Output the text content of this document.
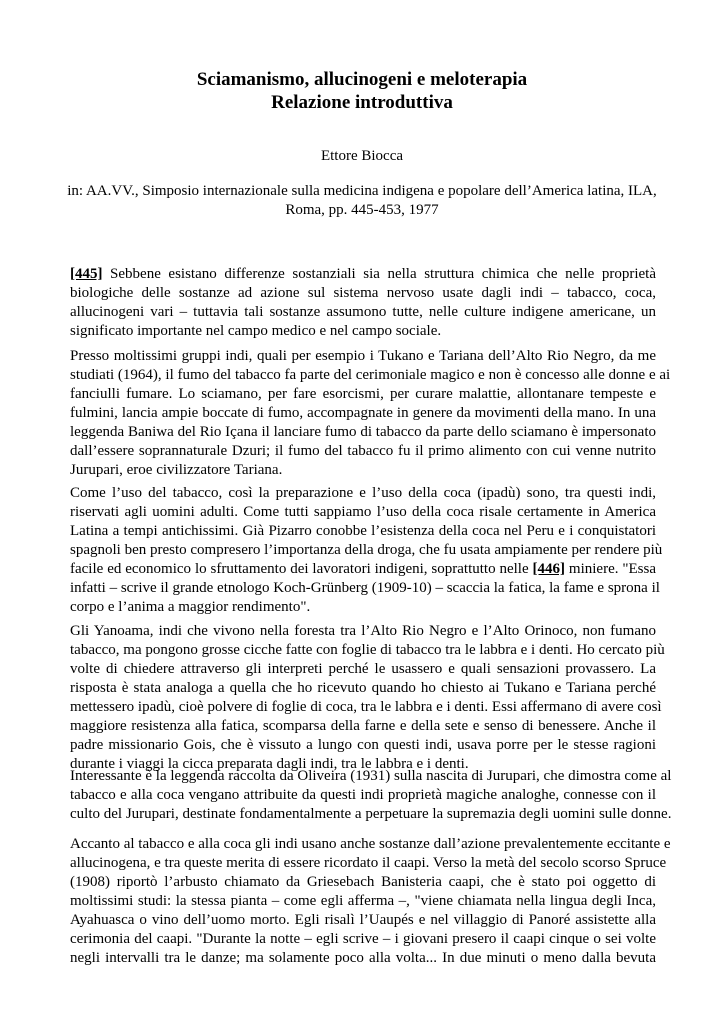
Sciamanismo, allucinogeni e meloterapia
Relazione introduttiva
Ettore Biocca
in: AA.VV., Simposio internazionale sulla medicina indigena e popolare dell’America latina, ILA,
Roma, pp. 445-453, 1977
[445] Sebbene esistano differenze sostanziali sia nella struttura chimica che nelle proprietà
biologiche delle sostanze ad azione sul sistema nervoso usate dagli indi – tabacco, coca,
allucinogeni vari – tuttavia tali sostanze assumono tutte, nelle culture indigene americane, un
significato importante nel campo medico e nel campo sociale.
Presso moltissimi gruppi indi, quali per esempio i Tukano e Tariana dell’Alto Rio Negro, da me
studiati (1964), il fumo del tabacco fa parte del cerimoniale magico e non è concesso alle donne e ai
fanciulli fumare. Lo sciamano, per fare esorcismi, per curare malattie, allontanare tempeste e
fulmini, lancia ampie boccate di fumo, accompagnate in genere da movimenti della mano. In una
leggenda Baniwa del Rio Içana il lanciare fumo di tabacco da parte dello sciamano è impersonato
dall’essere soprannaturale Dzuri; il fumo del tabacco fu il primo alimento con cui venne nutrito
Jurupari, eroe civilizzatore Tariana.
Come l’uso del tabacco, così la preparazione e l’uso della coca (ipadù) sono, tra questi indi,
riservati agli uomini adulti. Come tutti sappiamo l’uso della coca risale certamente in America
Latina a tempi antichissimi. Già Pizarro conobbe l’esistenza della coca nel Peru e i conquistatori
spagnoli ben presto compresero l’importanza della droga, che fu usata ampiamente per rendere più
facile ed economico lo sfruttamento dei lavoratori indigeni, soprattutto nelle [446] miniere. "Essa
infatti – scrive il grande etnologo Koch-Grünberg (1909-10) – scaccia la fatica, la fame e sprona il
corpo e l’anima a maggior rendimento".
Gli Yanoama, indi che vivono nella foresta tra l’Alto Rio Negro e l’Alto Orinoco, non fumano
tabacco, ma pongono grosse cicche fatte con foglie di tabacco tra le labbra e i denti. Ho cercato più
volte di chiedere attraverso gli interpreti perché le usassero e quali sensazioni provassero. La
risposta è stata analoga a quella che ho ricevuto quando ho chiesto ai Tukano e Tariana perché
mettessero ipadù, cioè polvere di foglie di coca, tra le labbra e i denti. Essi affermano di avere così
maggiore resistenza alla fatica, scomparsa della farne e della sete e senso di benessere. Anche il
padre missionario Gois, che è vissuto a lungo con questi indi, usava porre per le stesse ragioni
durante i viaggi la cicca preparata dagli indi, tra le labbra e i denti.
Interessante è la leggenda raccolta da Oliveira (1931) sulla nascita di Jurupari, che dimostra come al
tabacco e alla coca vengano attribuite da questi indi proprietà magiche analoghe, connesse con il
culto del Jurupari, destinate fondamentalmente a perpetuare la supremazia degli uomini sulle donne.
Accanto al tabacco e alla coca gli indi usano anche sostanze dall’azione prevalentemente eccitante e
allucinogena, e tra queste merita di essere ricordato il caapi. Verso la metà del secolo scorso Spruce
(1908) riportò l’arbusto chiamato da Griesebach Banisteria caapi, che è stato poi oggetto di
moltissimi studi: la stessa pianta – come egli afferma –, "viene chiamata nella lingua degli Inca,
Ayahuasca o vino dell’uomo morto. Egli risalì l’Uaupés e nel villaggio di Panoré assistette alla
cerimonia del caapi. "Durante la notte – egli scrive – i giovani presero il caapi cinque o sei volte
negli intervalli tra le danze; ma solamente poco alla volta... In due minuti o meno dalla bevuta
